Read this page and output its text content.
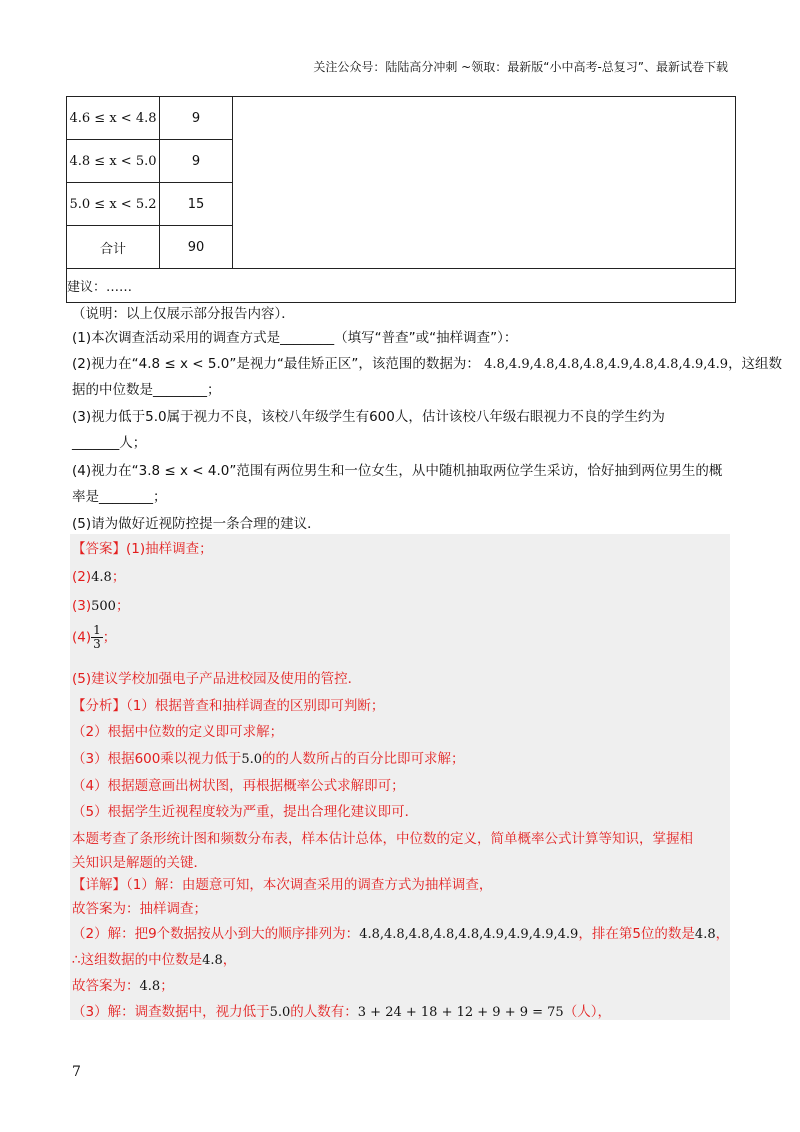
关注公众号：陆陆高分冲刺 ~领取：最新版“小中高考-总复习”、最新试卷下载
4.6 ≤ x < 4.8	9	
4.8 ≤ x < 5.0	9	
5.0 ≤ x < 5.2	15	
合计	90	
建议：……		
（说明：以上仅展示部分报告内容）．
(1)本次调查活动采用的调查方式是________（填写“普查”或“抽样调查”）：
(2)视力在“4.8 ≤ x < 5.0”是视力“最佳矫正区”，该范围的数据为： 4.8,4.9,4.8,4.8,4.8,4.9,4.8,4.8,4.9,4.9，这组数
据的中位数是________；
(3)视力低于5.0属于视力不良，该校八年级学生有600人，估计该校八年级右眼视力不良的学生约为
_______人；
(4)视力在“3.8 ≤ x < 4.0”范围有两位男生和一位女生，从中随机抽取两位学生采访，恰好抽到两位男生的概
率是________；
(5)请为做好近视防控提一条合理的建议．
【答案】(1)抽样调查；
(2)4.8；
(3)500；
$(4) \frac{1}{3}$ ；
(5)建议学校加强电子产品进校园及使用的管控．
【分析】（1）根据普查和抽样调查的区别即可判断；
（2）根据中位数的定义即可求解；
（3）根据600乘以视力低于5.0的的人数所占的百分比即可求解；
（4）根据题意画出树状图，再根据概率公式求解即可；
（5）根据学生近视程度较为严重，提出合理化建议即可．
本题考查了条形统计图和频数分布表，样本估计总体，中位数的定义，简单概率公式计算等知识，掌握相
关知识是解题的关键．
【详解】（1）解：由题意可知，本次调查采用的调查方式为抽样调查，
故答案为：抽样调查；
（2）解：把9个数据按从小到大的顺序排列为：4.8,4.8,4.8,4.8,4.8,4.9,4.9,4.9,4.9，排在第5位的数是4.8，
∴这组数据的中位数是4.8，
故答案为：4.8；
（3）解：调查数据中，视力低于5.0的人数有：3 + 24 + 18 + 12 + 9 + 9 = 75（人），
7
